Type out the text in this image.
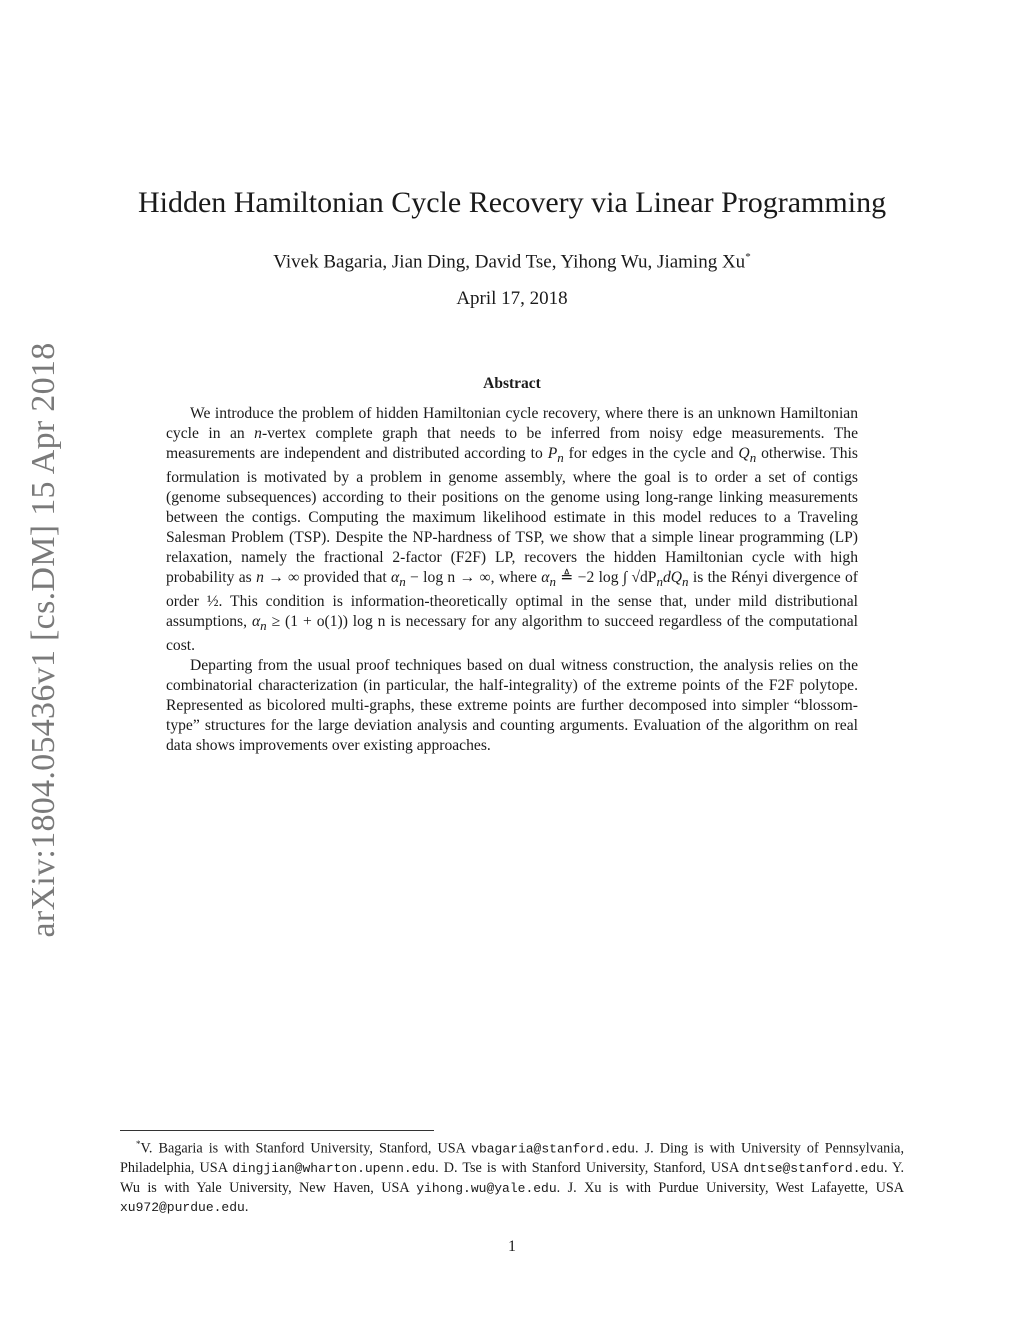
arXiv:1804.05436v1 [cs.DM] 15 Apr 2018
Hidden Hamiltonian Cycle Recovery via Linear Programming
Vivek Bagaria, Jian Ding, David Tse, Yihong Wu, Jiaming Xu*
April 17, 2018
Abstract

We introduce the problem of hidden Hamiltonian cycle recovery, where there is an unknown Hamiltonian cycle in an n-vertex complete graph that needs to be inferred from noisy edge measurements. The measurements are independent and distributed according to $P_n$ for edges in the cycle and $Q_n$ otherwise. This formulation is motivated by a problem in genome assembly, where the goal is to order a set of contigs (genome subsequences) according to their positions on the genome using long-range linking measurements between the contigs. Computing the maximum likelihood estimate in this model reduces to a Traveling Salesman Problem (TSP). Despite the NP-hardness of TSP, we show that a simple linear programming (LP) relaxation, namely the fractional 2-factor (F2F) LP, recovers the hidden Hamiltonian cycle with high probability as n → ∞ provided that $\alpha_n - \log n$ → ∞, where $\alpha_n$ ≜ −2 log ∫ $√dP_ndQ_n$ is the Rényi divergence of order ½. This condition is information-theoretically optimal in the sense that, under mild distributional assumptions, $\alpha_n \ge (1 + o(1))$ log n is necessary for any algorithm to succeed regardless of the computational cost.

Departing from the usual proof techniques based on dual witness construction, the analysis relies on the combinatorial characterization (in particular, the half-integrality) of the extreme points of the F2F polytope. Represented as bicolored multi-graphs, these extreme points are further decomposed into simpler “blossom-type” structures for the large deviation analysis and counting arguments. Evaluation of the algorithm on real data shows improvements over existing approaches.

*V. Bagaria is with Stanford University, Stanford, USA vbagaria@stanford.edu. J. Ding is with University of Pennsylvania, Philadelphia, USA dingjian@wharton.upenn.edu. D. Tse is with Stanford University, Stanford, USA dntse@stanford.edu. Y. Wu is with Yale University, New Haven, USA yihong.wu@yale.edu. J. Xu is with Purdue University, West Lafayette, USA xu972@purdue.edu.
1
